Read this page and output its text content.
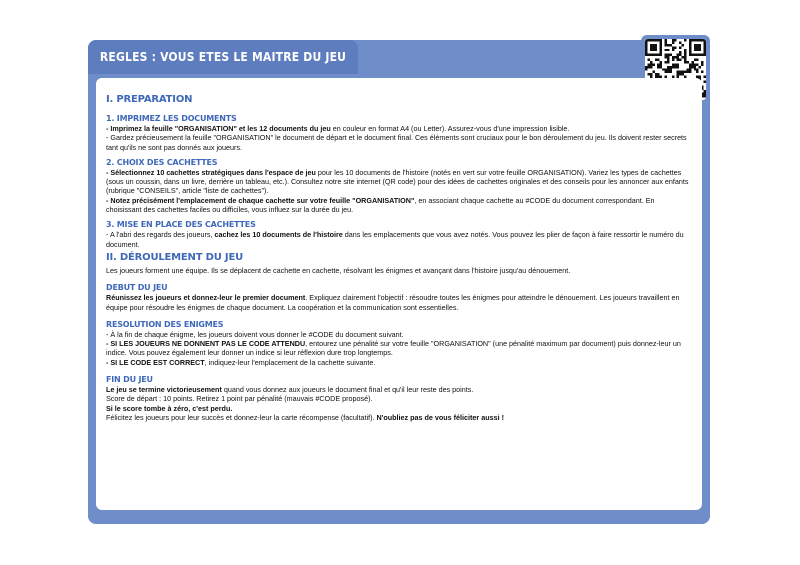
REGLES : VOUS ETES LE MAITRE DU JEU
I. PREPARATION
1. IMPRIMEZ LES DOCUMENTS

- Imprimez la feuille "ORGANISATION" et les 12 documents du jeu en couleur en format A4 (ou Letter). Assurez-vous d'une impression lisible.

- Gardez précieusement la feuille "ORGANISATION" le document de départ et le document final. Ces éléments sont cruciaux pour le bon déroulement du jeu. Ils doivent rester secrets tant qu'ils ne sont pas donnés aux joueurs.

2. CHOIX DES CACHETTES

- Sélectionnez 10 cachettes stratégiques dans l'espace de jeu pour les 10 documents de l'histoire (notés en vert sur votre feuille ORGANISATION). Variez les types de cachettes (sous un coussin, dans un livre, derrière un tableau, etc.). Consultez notre site internet (QR code) pour des idées de cachettes originales et des conseils pour les annoncer aux enfants (rubrique "CONSEILS", article "liste de cachettes").

- Notez précisément l'emplacement de chaque cachette sur votre feuille "ORGANISATION", en associant chaque cachette au #CODE du document correspondant. En choisissant des cachettes faciles ou difficiles, vous influez sur la durée du jeu.

3. MISE EN PLACE DES CACHETTES

- A l'abri des regards des joueurs, cachez les 10 documents de l'histoire dans les emplacements que vous avez notés. Vous pouvez les plier de façon à faire ressortir le numéro du document.

II. DÉROULEMENT DU JEU

Les joueurs forment une équipe. Ils se déplacent de cachette en cachette, résolvant les énigmes et avançant dans l'histoire jusqu'au dénouement.

DEBUT DU JEU

Réunissez les joueurs et donnez-leur le premier document. Expliquez clairement l'objectif : résoudre toutes les énigmes pour atteindre le dénouement. Les joueurs travaillent en équipe pour résoudre les énigmes de chaque document. La coopération et la communication sont essentielles.

RESOLUTION DES ENIGMES

- À la fin de chaque énigme, les joueurs doivent vous donner le #CODE du document suivant.

- SI LES JOUEURS NE DONNENT PAS LE CODE ATTENDU, entourez une pénalité sur votre feuille "ORGANISATION" (une pénalité maximum par document) puis donnez-leur un indice. Vous pouvez également leur donner un indice si leur réflexion dure trop longtemps.

- SI LE CODE EST CORRECT, indiquez-leur l'emplacement de la cachette suivante.

FIN DU JEU

Le jeu se termine victorieusement quand vous donnez aux joueurs le document final et qu'il leur reste des points.

Score de départ : 10 points. Retirez 1 point par pénalité (mauvais #CODE proposé).

Si le score tombe à zéro, c'est perdu.

Félicitez les joueurs pour leur succès et donnez-leur la carte récompense (facultatif). N'oubliez pas de vous féliciter aussi !
